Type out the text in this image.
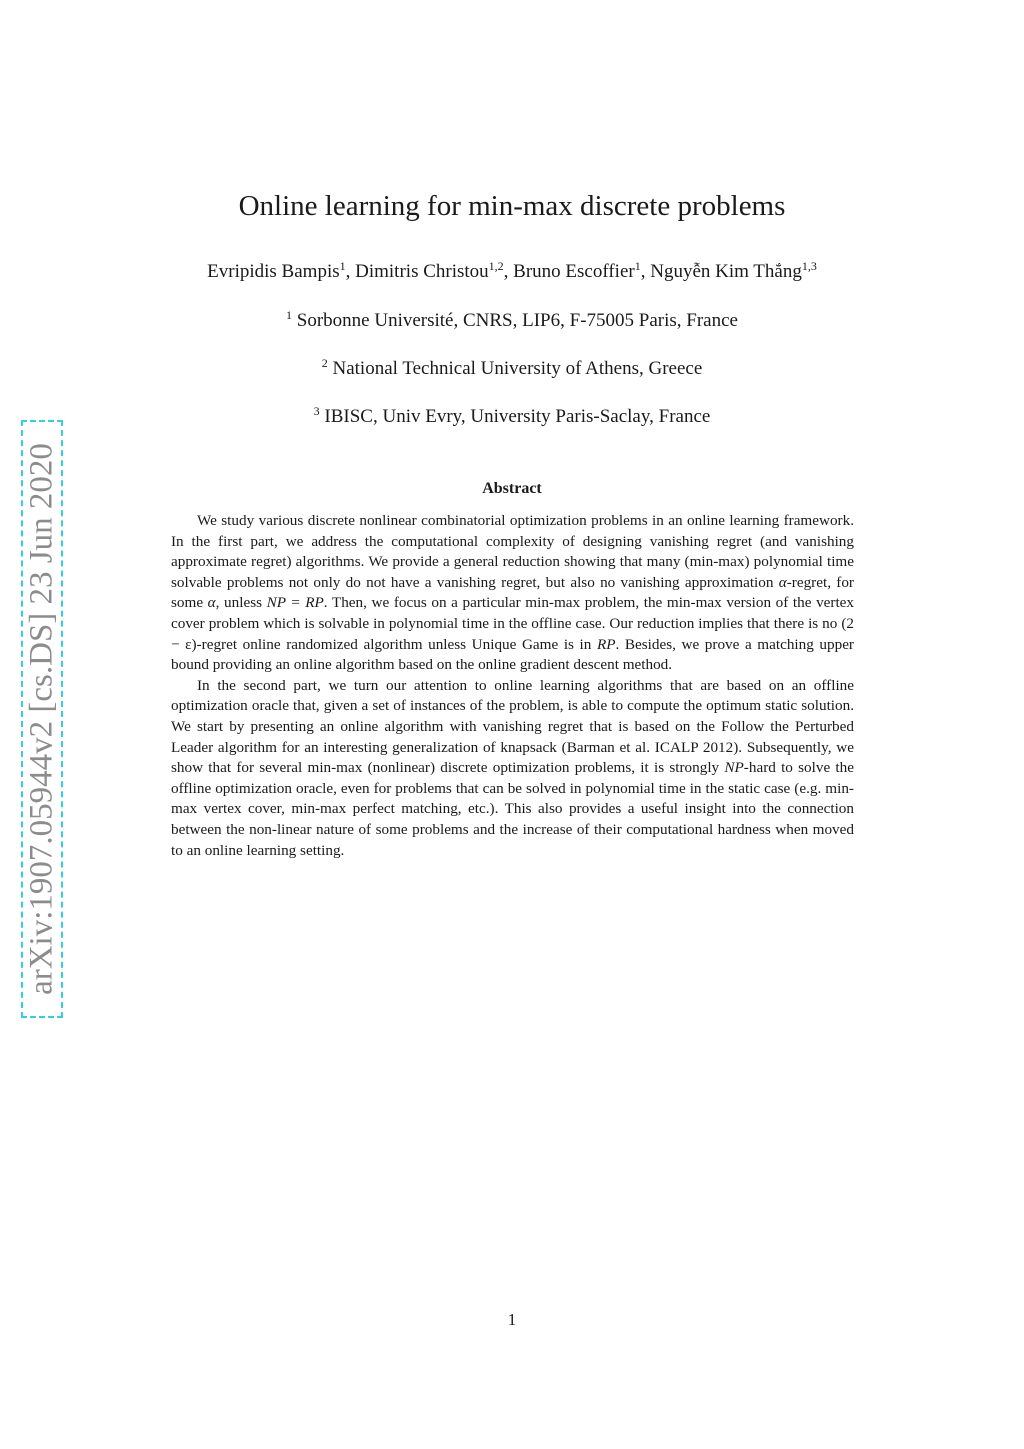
arXiv:1907.05944v2 [cs.DS] 23 Jun 2020
Online learning for min-max discrete problems
Evripidis Bampis$^1$, Dimitris Christou$^{1,2}$, Bruno Escoffier$^1$, Nguyễn Kim Thắng$^{1,3}$
$^1$ Sorbonne Université, CNRS, LIP6, F-75005 Paris, France
$^2$ National Technical University of Athens, Greece
$^3$ IBISC, Univ Evry, University Paris-Saclay, France
Abstract

We study various discrete nonlinear combinatorial optimization problems in an online learning framework. In the first part, we address the computational complexity of designing vanishing regret (and vanishing approximate regret) algorithms. We provide a general reduction showing that many (min-max) polynomial time solvable problems not only do not have a vanishing regret, but also no vanishing approximation α-regret, for some α, unless NP = RP. Then, we focus on a particular min-max problem, the min-max version of the vertex cover problem which is solvable in polynomial time in the offline case. Our reduction implies that there is no (2 − ε)-regret online randomized algorithm unless Unique Game is in RP. Besides, we prove a matching upper bound providing an online algorithm based on the online gradient descent method.

In the second part, we turn our attention to online learning algorithms that are based on an offline optimization oracle that, given a set of instances of the problem, is able to compute the optimum static solution. We start by presenting an online algorithm with vanishing regret that is based on the Follow the Perturbed Leader algorithm for an interesting generalization of knapsack (Barman et al. ICALP 2012). Subsequently, we show that for several min-max (nonlinear) discrete optimization problems, it is strongly NP-hard to solve the offline optimization oracle, even for problems that can be solved in polynomial time in the static case (e.g. min-max vertex cover, min-max perfect matching, etc.). This also provides a useful insight into the connection between the non-linear nature of some problems and the increase of their computational hardness when moved to an online learning setting.

1
